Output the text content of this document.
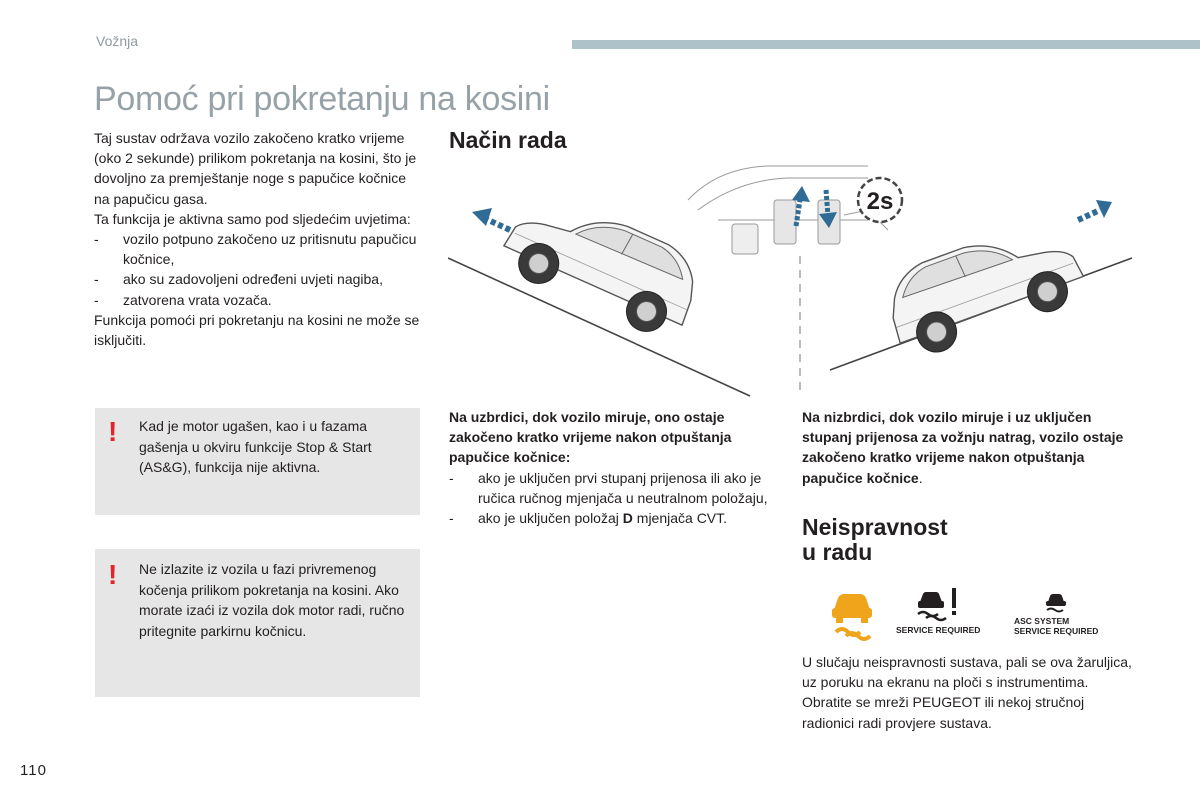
Vožnja
Pomoć pri pokretanju na kosini

Taj sustav održava vozilo zakočeno kratko vrijeme (oko 2 sekunde) prilikom pokretanja na kosini, što je dovoljno za premještanje noge s papučice kočnice na papučicu gasa.

Ta funkcija je aktivna samo pod sljedećim uvjetima:

- vozilo potpuno zakočeno uz pritisnutu papučicu kočnice,
- ako su zadovoljeni određeni uvjeti nagiba,
- zatvorena vrata vozača.

Funkcija pomoći pri pokretanju na kosini ne može se isključiti.

! Kad je motor ugašen, kao i u fazama gašenja u okviru funkcije Stop & Start (AS&G), funkcija nije aktivna.
! Ne izlazite iz vozila u fazi privremenog kočenja prilikom pokretanja na kosini. Ako morate izaći iz vozila dok motor radi, ručno pritegnite parkirnu kočnicu.
Način rada
2s

Na uzbrdici, dok vozilo miruje, ono ostaje zakočeno kratko vrijeme nakon otpuštanja papučice kočnice:

- ako je uključen prvi stupanj prijenosa ili ako je ručica ručnog mjenjača u neutralnom položaju,
- ako je uključen položaj D mjenjača CVT.

Na nizbrdici, dok vozilo miruje i uz uključen stupanj prijenosa za vožnju natrag, vozilo ostaje zakočeno kratko vrijeme nakon otpuštanja papučice kočnice.

Neispravnost
u radu
SERVICE REQUIRED
ASC SYSTEM
SERVICE REQUIRED
U slučaju neispravnosti sustava, pali se ova žaruljica, uz poruku na ekranu na ploči s instrumentima. Obratite se mreži PEUGEOT ili nekoj stručnoj radionici radi provjere sustava.
110
